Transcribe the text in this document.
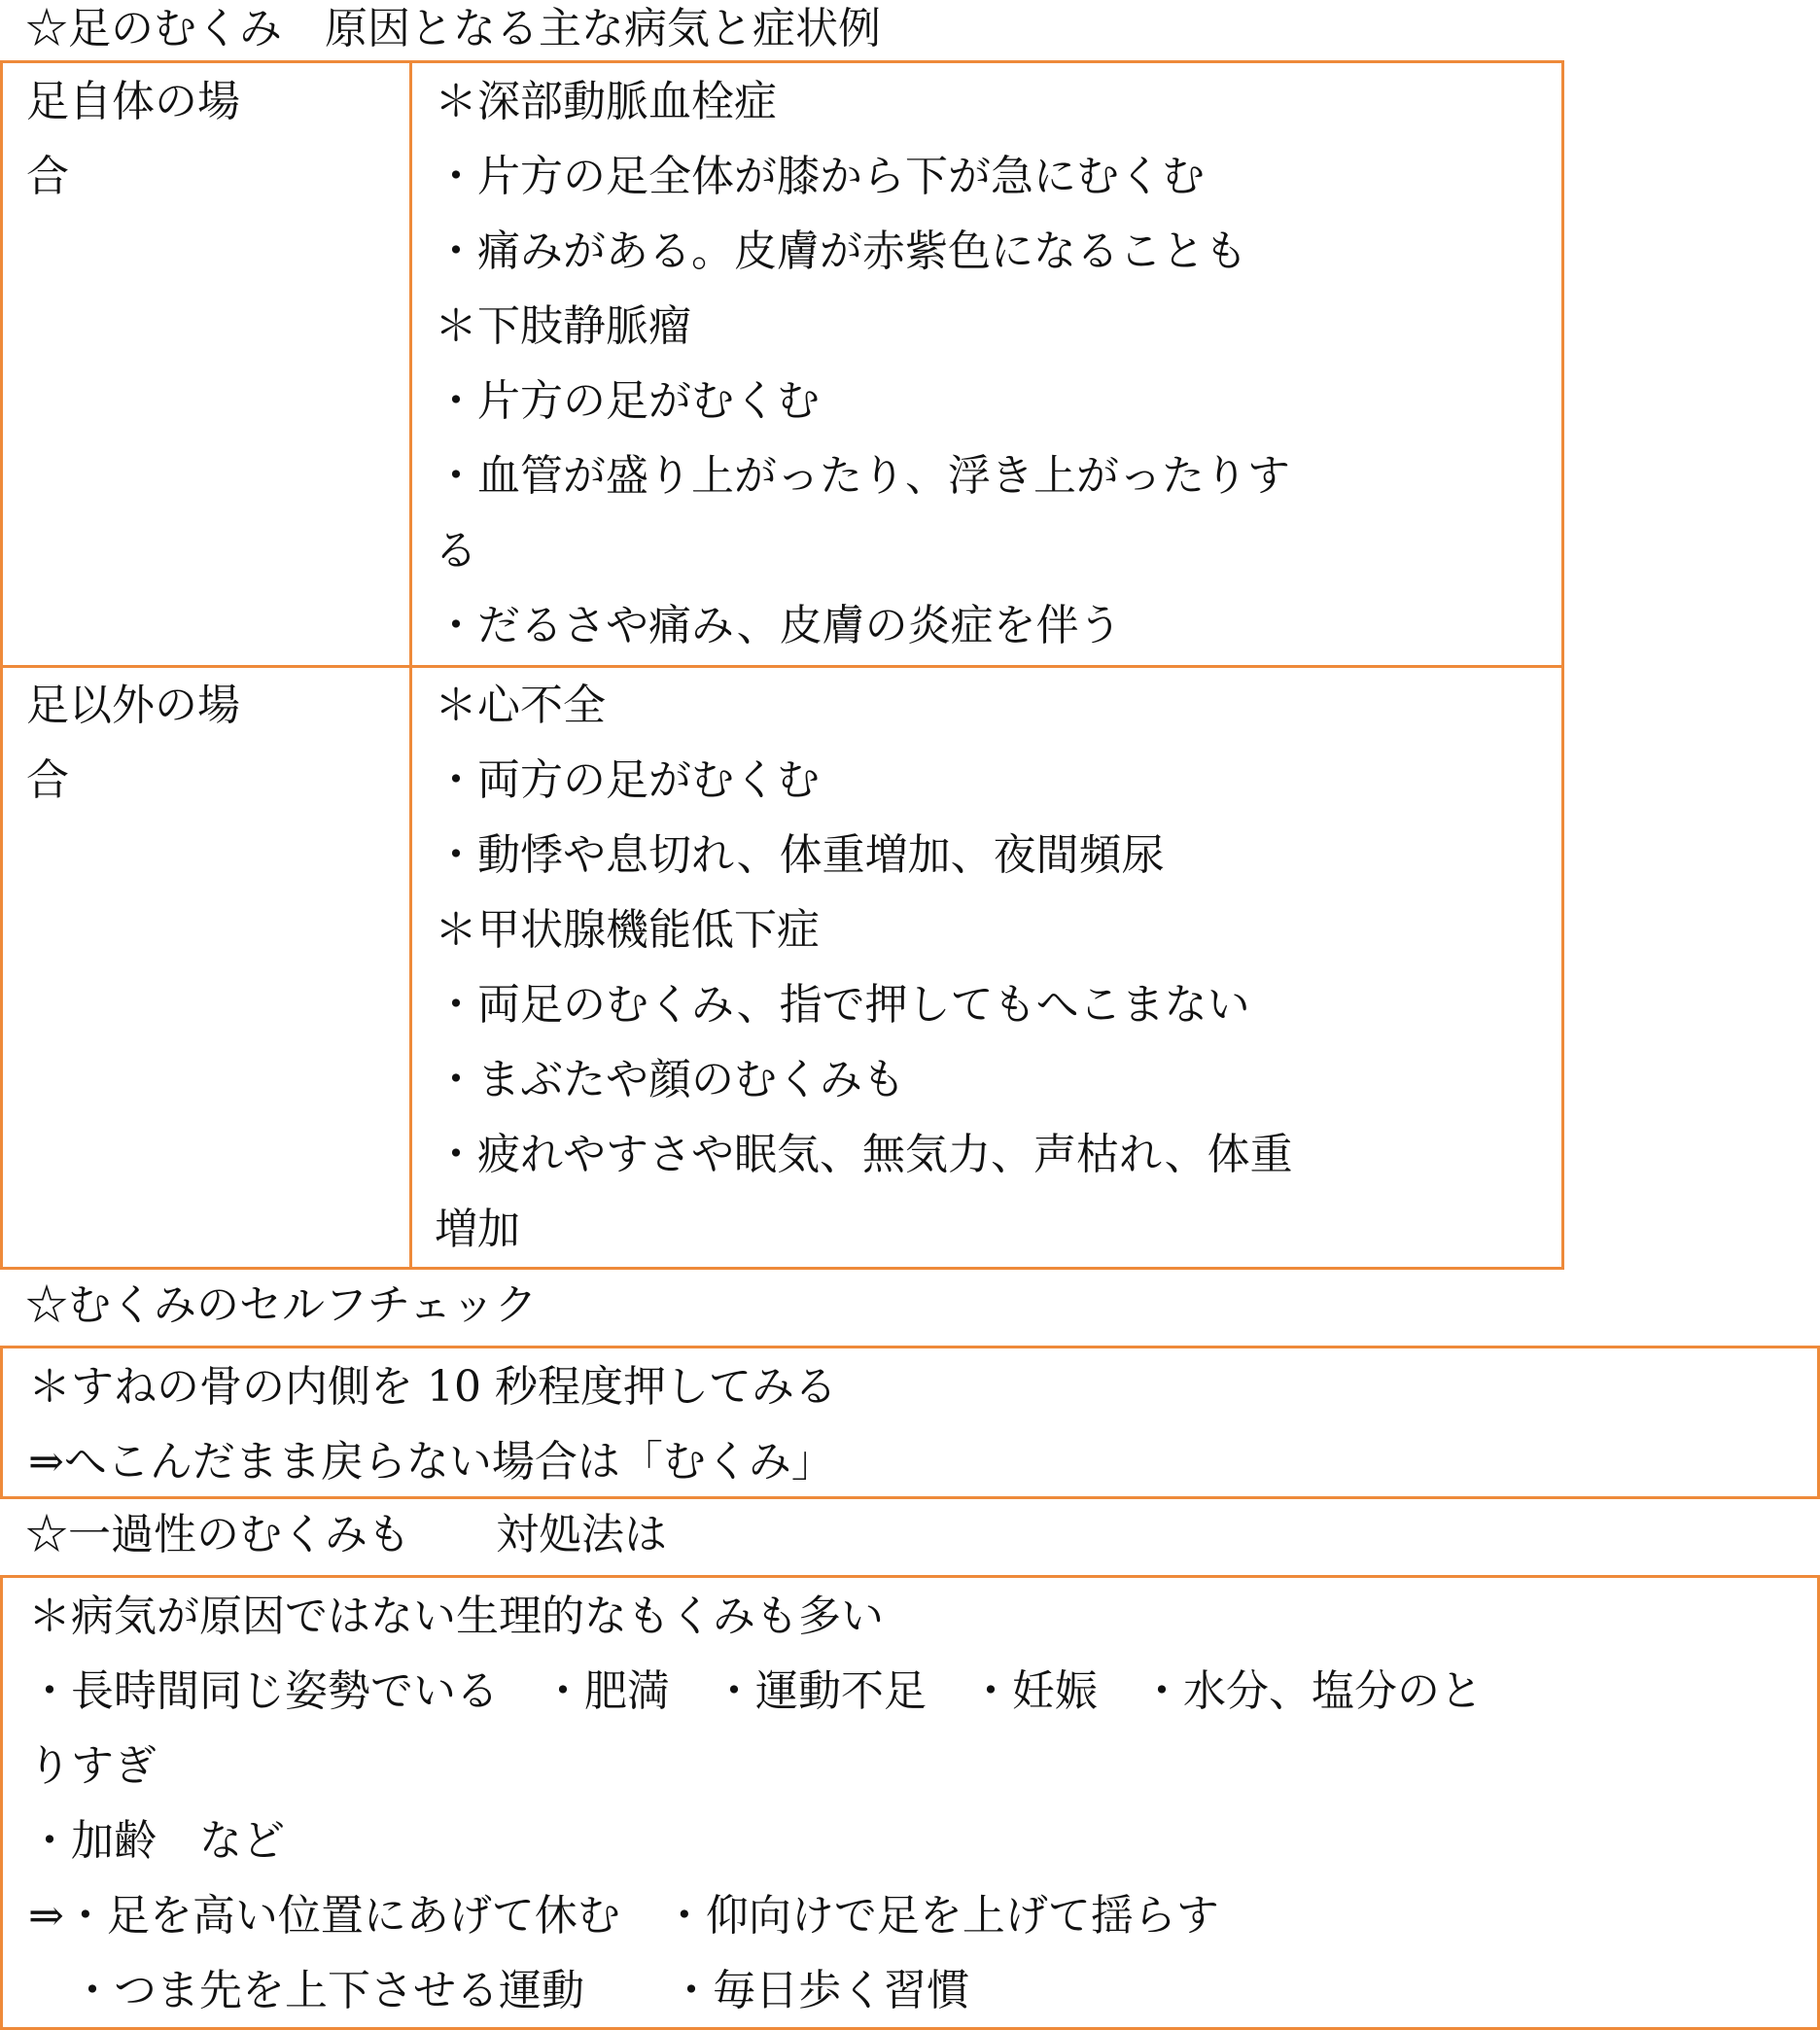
☆足のむくみ　原因となる主な病気と症状例
足自体の場
合
＊深部動脈血栓症
・片方の足全体が膝から下が急にむくむ
・痛みがある。皮膚が赤紫色になることも
＊下肢静脈瘤
・片方の足がむくむ
・血管が盛り上がったり、浮き上がったりす
る
・だるさや痛み、皮膚の炎症を伴う
足以外の場
合
＊心不全
・両方の足がむくむ
・動悸や息切れ、体重増加、夜間頻尿
＊甲状腺機能低下症
・両足のむくみ、指で押してもへこまない
・まぶたや顔のむくみも
・疲れやすさや眠気、無気力、声枯れ、体重
増加
☆むくみのセルフチェック
＊すねの骨の内側を 10 秒程度押してみる
⇒へこんだまま戻らない場合は「むくみ」
☆一過性のむくみも　　対処法は
＊病気が原因ではない生理的なもくみも多い
・長時間同じ姿勢でいる　・肥満　・運動不足　・妊娠　・水分、塩分のと
りすぎ
・加齢　など
⇒・足を高い位置にあげて休む　・仰向けで足を上げて揺らす
　・つま先を上下させる運動　　・毎日歩く習慣
